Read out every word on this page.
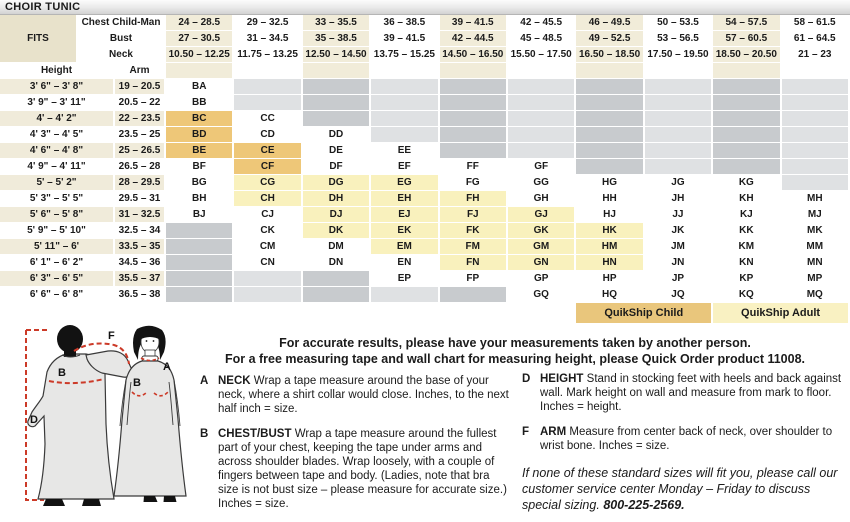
CHOIR TUNIC
FITS	Chest Child-Man		24 – 28.5	29 – 32.5	33 – 35.5	36 – 38.5	39 – 41.5	42 – 45.5	46 – 49.5	50 – 53.5	54 – 57.5	58 – 61.5
	Bust		27 – 30.5	31 – 34.5	35 – 38.5	39 – 41.5	42 – 44.5	45 – 48.5	49 – 52.5	53 – 56.5	57 – 60.5	61 – 64.5
	Neck		10.50 – 12.25	11.75 – 13.25	12.50 – 14.50	13.75 – 15.25	14.50 – 16.50	15.50 – 17.50	16.50 – 18.50	17.50 – 19.50	18.50 – 20.50	21 – 23
Height		Arm										
3' 6" – 3' 8"		19 – 20.5	BA									
3' 9" – 3' 11"		20.5 – 22	BB									
4' – 4' 2"		22 – 23.5	BC	CC								
4' 3" – 4' 5"		23.5 – 25	BD	CD	DD							
4' 6" – 4' 8"		25 – 26.5	BE	CE	DE	EE						
4' 9" – 4' 11"		26.5 – 28	BF	CF	DF	EF	FF	GF				
5' – 5' 2"		28 – 29.5	BG	CG	DG	EG	FG	GG	HG	JG	KG	
5' 3" – 5' 5"		29.5 – 31	BH	CH	DH	EH	FH	GH	HH	JH	KH	MH
5' 6" – 5' 8"		31 – 32.5	BJ	CJ	DJ	EJ	FJ	GJ	HJ	JJ	KJ	MJ
5' 9" – 5' 10"		32.5 – 34		CK	DK	EK	FK	GK	HK	JK	KK	MK
5' 11" – 6'		33.5 – 35		CM	DM	EM	FM	GM	HM	JM	KM	MM
6' 1" – 6' 2"		34.5 – 36		CN	DN	EN	FN	GN	HN	JN	KN	MN
6' 3" – 6' 5"		35.5 – 37				EP	FP	GP	HP	JP	KP	MP
6' 6" – 6' 8"		36.5 – 38						GQ	HQ	JQ	KQ	MQ
									QuikShip Child		QuikShip Adult	
D
B
F
A
B
For accurate results, please have your measurements taken by another person.
For a free measuring tape and wall chart for measuring height, please Quick Order product 11008.
A NECK Wrap a tape measure around the base of your neck, where a shirt collar would close. Inches, to the next half inch = size.
B CHEST/BUST Wrap a tape measure around the fullest part of your chest, keeping the tape under arms and across shoulder blades. Wrap loosely, with a couple of fingers between tape and body. (Ladies, note that bra size is not bust size – please measure for accurate size.) Inches = size.
D HEIGHT Stand in stocking feet with heels and back against wall. Mark height on wall and measure from mark to floor. Inches = height.
F ARM Measure from center back of neck, over shoulder to wrist bone. Inches = size.
If none of these standard sizes will fit you, please call our customer service center Monday – Friday to discuss special sizing. 800-225-2569.
